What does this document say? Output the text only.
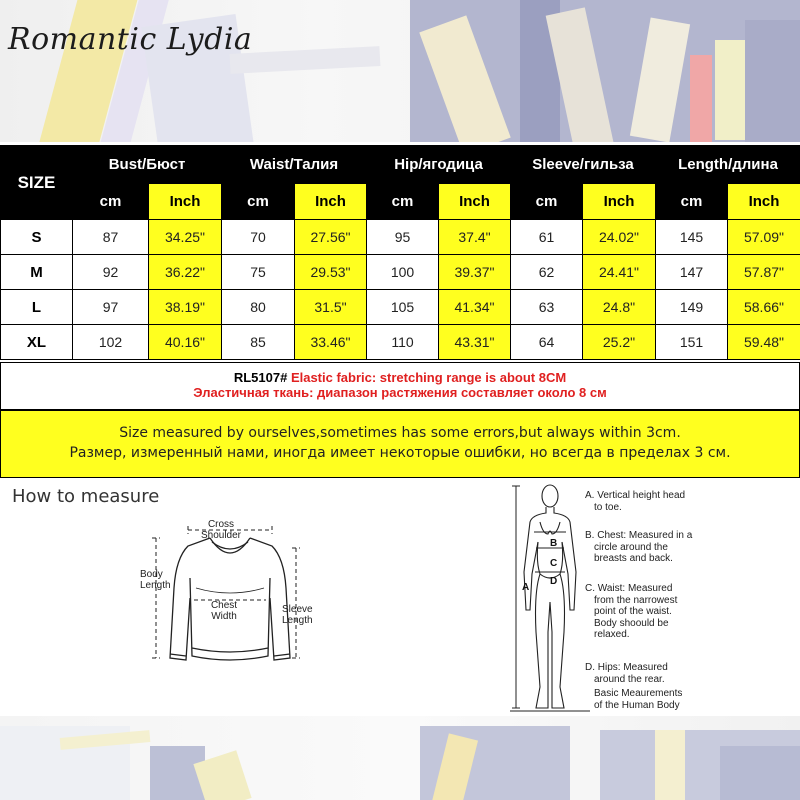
Romantic Lydia
SIZE	Bust/Бюст		Waist/Талия		Hip/ягодица		Sleeve/гильза		Length/длина	
	cm	Inch	cm	Inch	cm	Inch	cm	Inch	cm	Inch
S	87	34.25"	70	27.56"	95	37.4"	61	24.02"	145	57.09"
M	92	36.22"	75	29.53"	100	39.37"	62	24.41"	147	57.87"
L	97	38.19"	80	31.5"	105	41.34"	63	24.8"	149	58.66"
XL	102	40.16"	85	33.46"	110	43.31"	64	25.2"	151	59.48"
RL5107# Elastic fabric: stretching range is about 8CM
Эластичная ткань: диапазон растяжения составляет около 8 см
Size measured by ourselves,sometimes has some errors,but always within 3cm.
Размер, измеренный нами, иногда имеет некоторые ошибки, но всегда в пределах 3 см.
How to measure
Cross
Shoulder
Body
Length
Chest
Width
Sleeve
Length
A
B
C
D
A. Vertical height head
to toe.
B. Chest: Measured in a
circle around the
breasts and back.
C. Waist: Measured
from the narrowest
point of the waist.
Body shoould be
relaxed.
D. Hips: Measured
around the rear.
Basic Meaurements
of the Human Body
